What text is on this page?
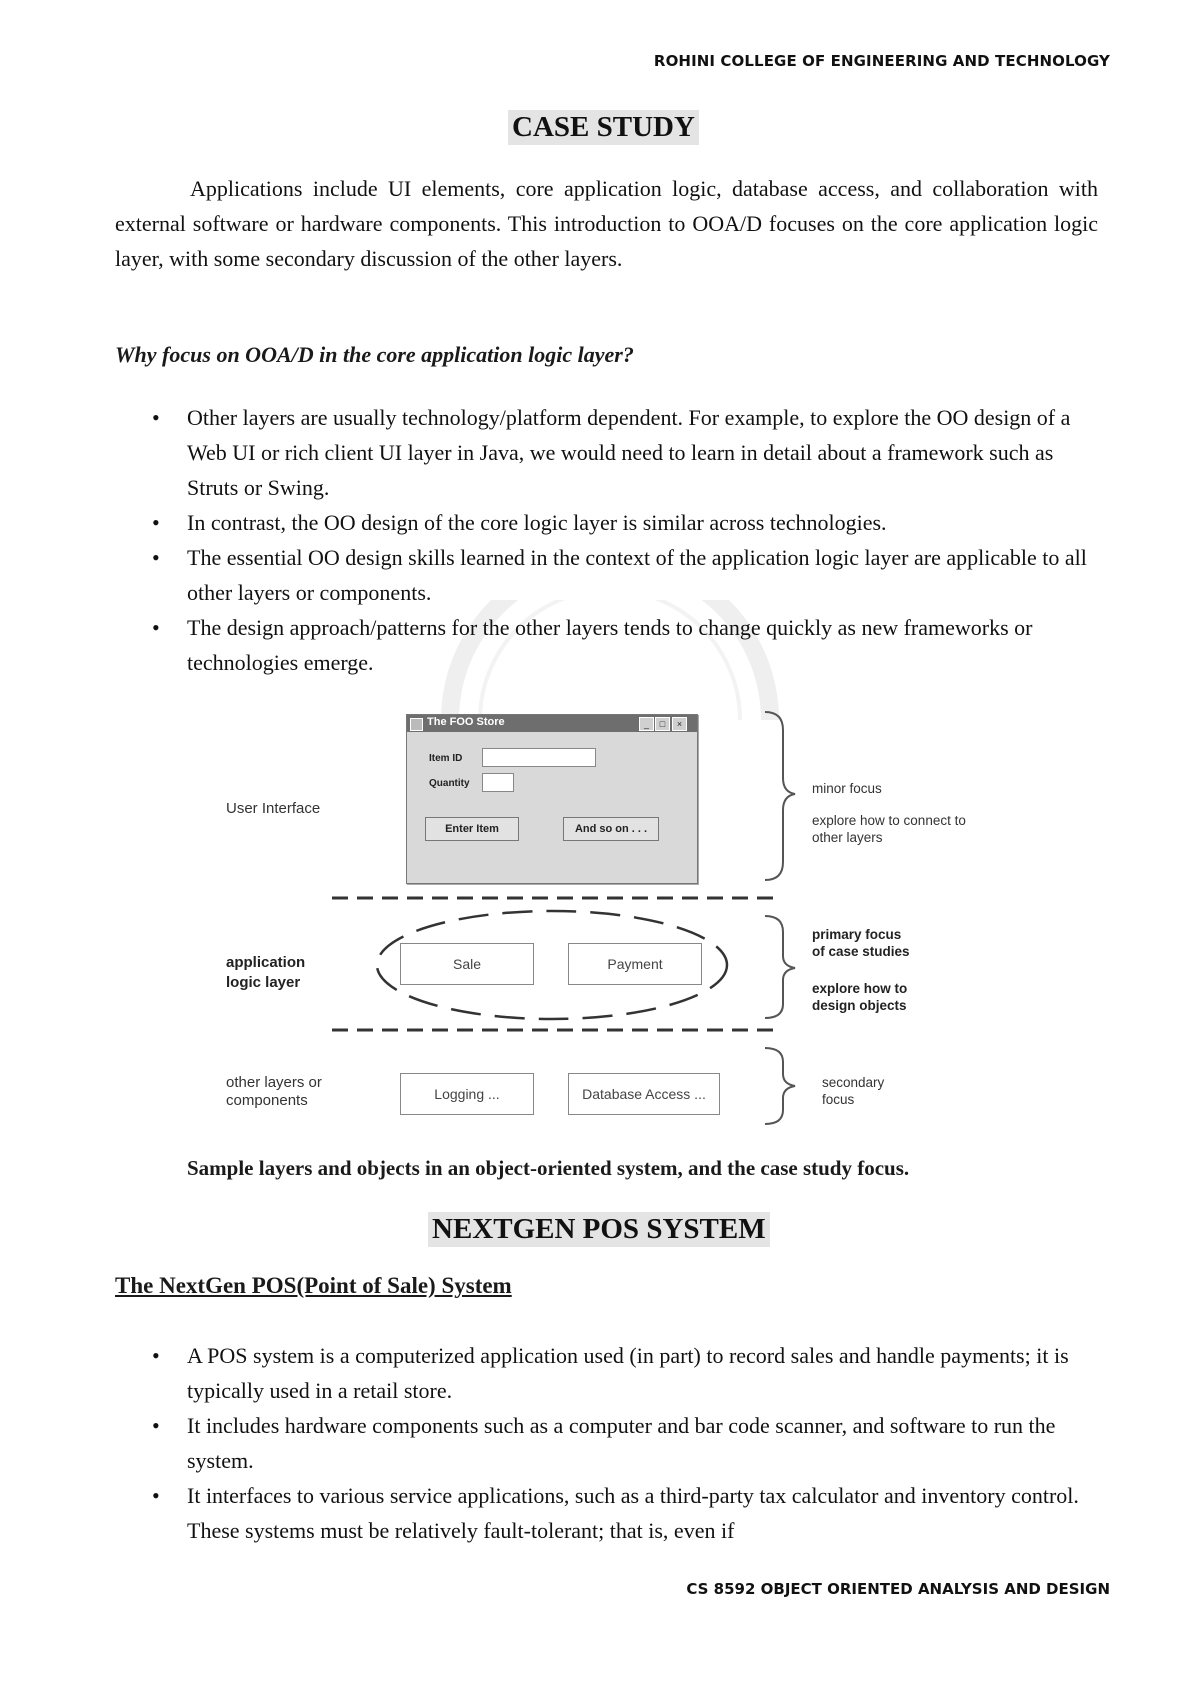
ROHINI COLLEGE OF ENGINEERING AND TECHNOLOGY
CASE STUDY

Applications include UI elements, core application logic, database access, and collaboration with external software or hardware components. This introduction to OOA/D focuses on the core application logic layer, with some secondary discussion of the other layers.

Why focus on OOA/D in the core application logic layer?

• Other layers are usually technology/platform dependent. For example, to explore the OO design of a Web UI or rich client UI layer in Java, we would need to learn in detail about a framework such as Struts or Swing.
• In contrast, the OO design of the core logic layer is similar across technologies.
• The essential OO design skills learned in the context of the application logic layer are applicable to all other layers or components.
• The design approach/patterns for the other layers tends to change quickly as new frameworks or technologies emerge.
The FOO Store	_	□	×
Item ID
Quantity
Enter Item	And so on . . .
User Interface
application
logic layer
other layers or
components
Sale	Payment
Logging ...	Database Access ...
minor focus
explore how to connect to
other layers
primary focus
of case studies
explore how to
design objects
secondary
focus

Sample layers and objects in an object-oriented system, and the case study focus.

NEXTGEN POS SYSTEM

The NextGen POS(Point of Sale) System

• A POS system is a computerized application used (in part) to record sales and handle payments; it is typically used in a retail store.
• It includes hardware components such as a computer and bar code scanner, and software to run the system.
• It interfaces to various service applications, such as a third-party tax calculator and inventory control. These systems must be relatively fault-tolerant; that is, even if
CS 8592 OBJECT ORIENTED ANALYSIS AND DESIGN
